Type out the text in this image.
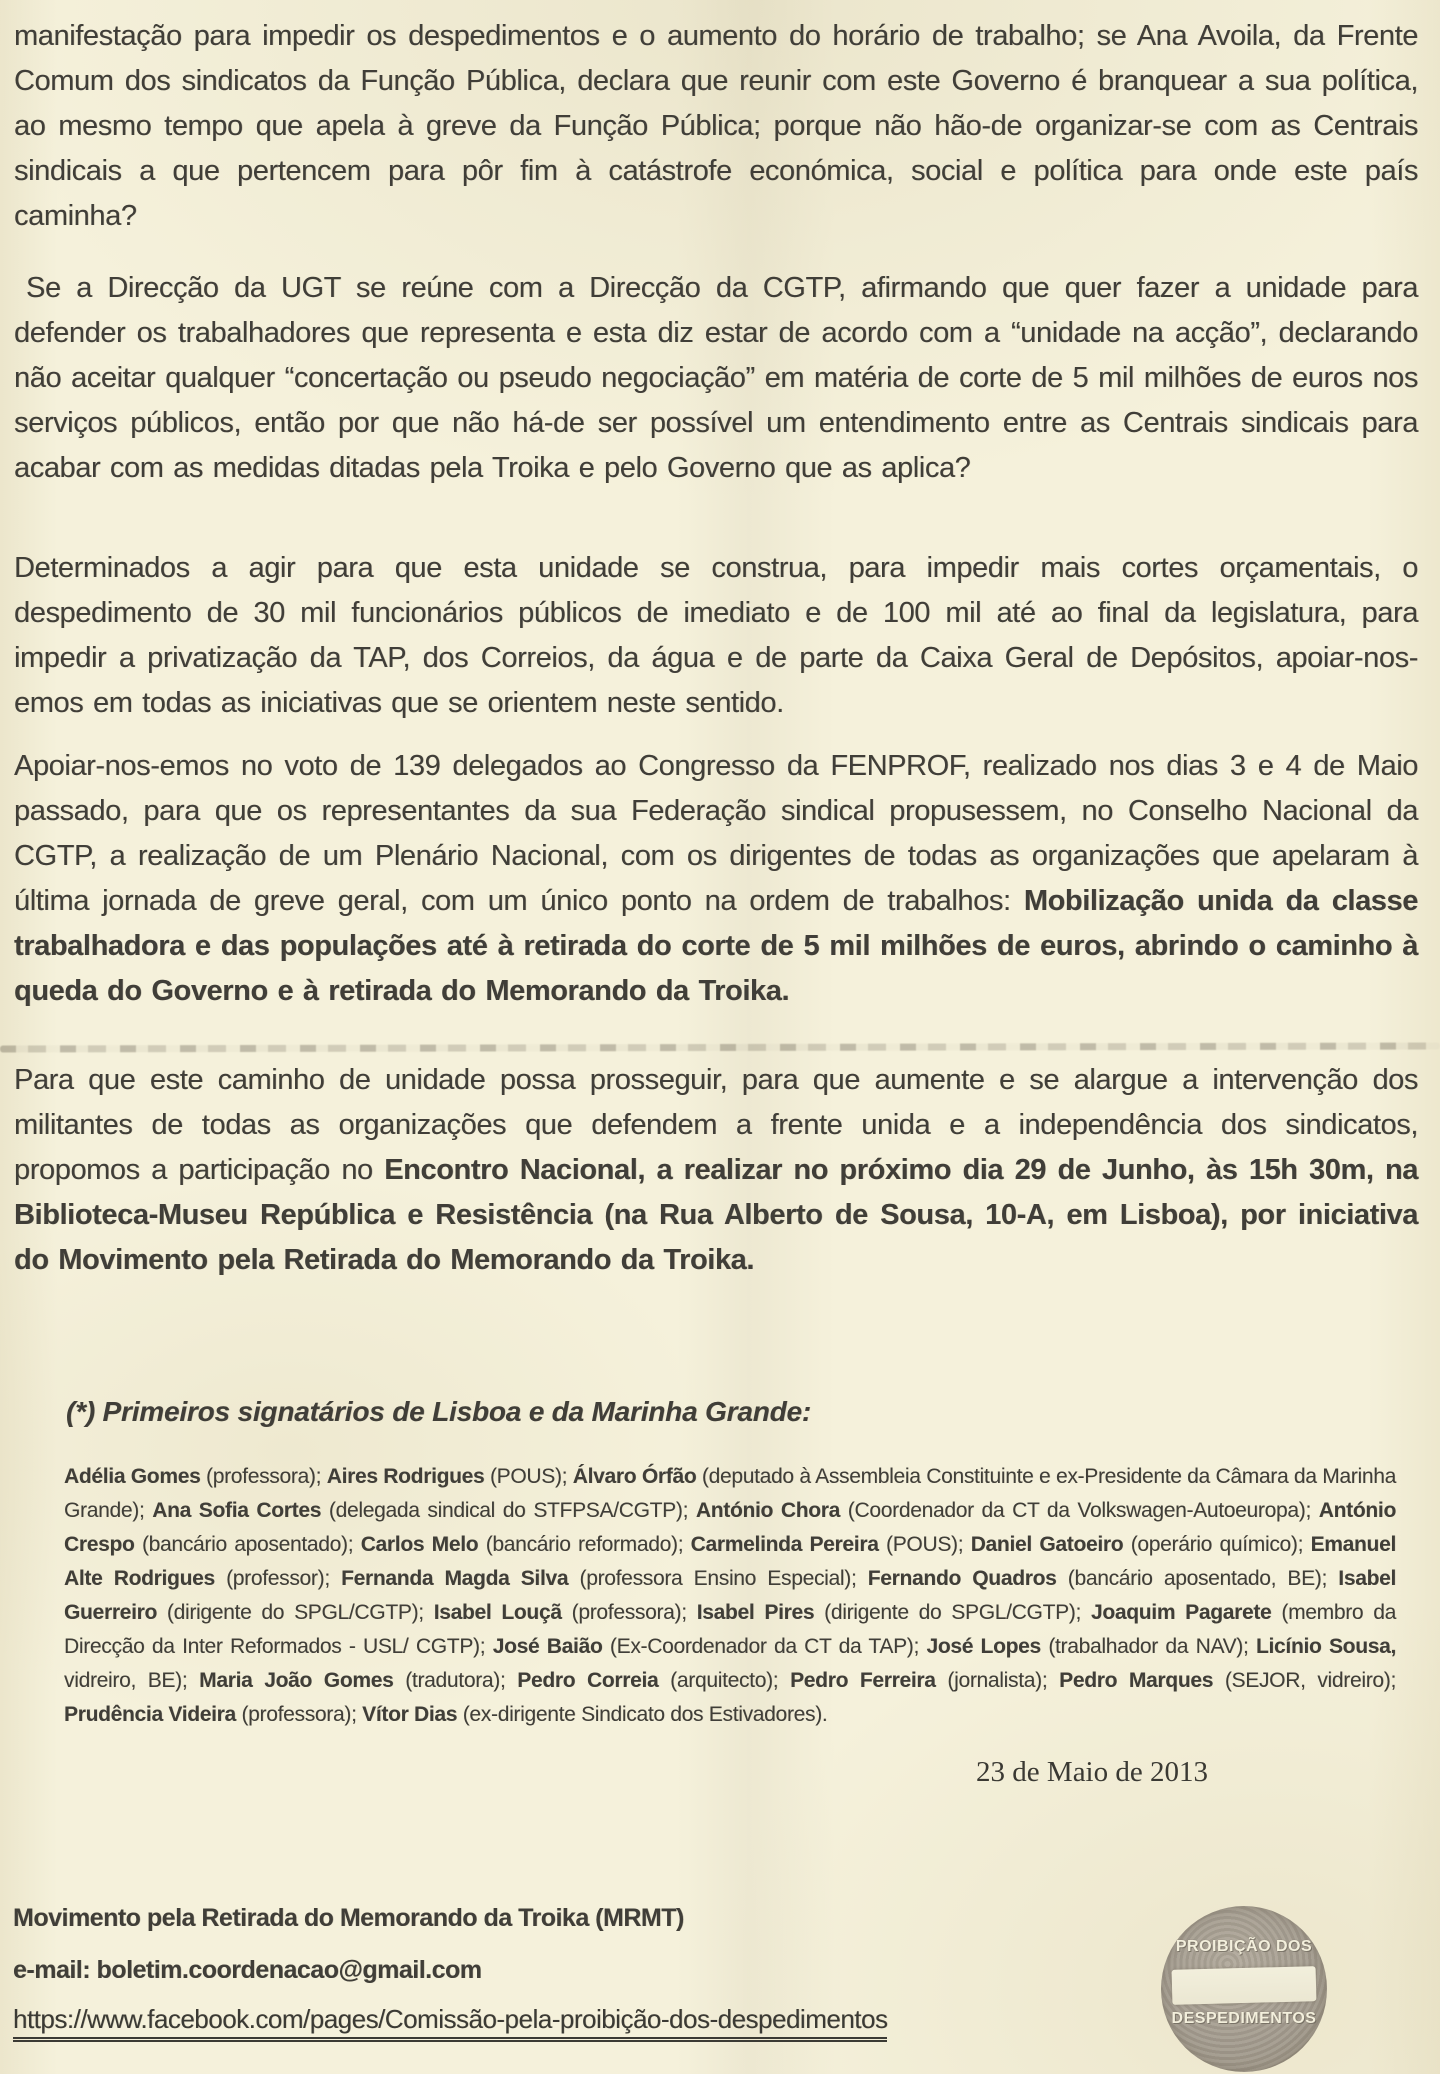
manifestação para impedir os despedimentos e o aumento do horário de trabalho; se Ana Avoila, da Frente Comum dos sindicatos da Função Pública, declara que reunir com este Governo é branquear a sua política, ao mesmo tempo que apela à greve da Função Pública; porque não hão-de organizar-se com as Centrais sindicais a que pertencem para pôr fim à catástrofe económica, social e política para onde este país caminha?

Se a Direcção da UGT se reúne com a Direcção da CGTP, afirmando que quer fazer a unidade para defender os trabalhadores que representa e esta diz estar de acordo com a “unidade na acção”, declarando não aceitar qualquer “concertação ou pseudo negociação” em matéria de corte de 5 mil milhões de euros nos serviços públicos, então por que não há-de ser possível um entendimento entre as Centrais sindicais para acabar com as medidas ditadas pela Troika e pelo Governo que as aplica?

Determinados a agir para que esta unidade se construa, para impedir mais cortes orçamentais, o despedimento de 30 mil funcionários públicos de imediato e de 100 mil até ao final da legislatura, para impedir a privatização da TAP, dos Correios, da água e de parte da Caixa Geral de Depósitos, apoiar-nos-emos em todas as iniciativas que se orientem neste sentido.

Apoiar-nos-emos no voto de 139 delegados ao Congresso da FENPROF, realizado nos dias 3 e 4 de Maio passado, para que os representantes da sua Federação sindical propusessem, no Conselho Nacional da CGTP, a realização de um Plenário Nacional, com os dirigentes de todas as organizações que apelaram à última jornada de greve geral, com um único ponto na ordem de trabalhos: Mobilização unida da classe trabalhadora e das populações até à retirada do corte de 5 mil milhões de euros, abrindo o caminho à queda do Governo e à retirada do Memorando da Troika.

Para que este caminho de unidade possa prosseguir, para que aumente e se alargue a intervenção dos militantes de todas as organizações que defendem a frente unida e a independência dos sindicatos, propomos a participação no Encontro Nacional, a realizar no próximo dia 29 de Junho, às 15h 30m, na Biblioteca-Museu República e Resistência (na Rua Alberto de Sousa, 10-A, em Lisboa), por iniciativa do Movimento pela Retirada do Memorando da Troika.

(*) Primeiros signatários de Lisboa e da Marinha Grande:
Adélia Gomes (professora); Aires Rodrigues (POUS); Álvaro Órfão (deputado à Assembleia Constituinte e ex-Presidente da Câmara da Marinha Grande); Ana Sofia Cortes (delegada sindical do STFPSA/CGTP); António Chora (Coordenador da CT da Volkswagen-Autoeuropa); António Crespo (bancário aposentado); Carlos Melo (bancário reformado); Carmelinda Pereira (POUS); Daniel Gatoeiro (operário químico); Emanuel Alte Rodrigues (professor); Fernanda Magda Silva (professora Ensino Especial); Fernando Quadros (bancário aposentado, BE); Isabel Guerreiro (dirigente do SPGL/CGTP); Isabel Louçã (professora); Isabel Pires (dirigente do SPGL/CGTP); Joaquim Pagarete (membro da Direcção da Inter Reformados - USL/ CGTP); José Baião (Ex-Coordenador da CT da TAP); José Lopes (trabalhador da NAV); Licínio Sousa, vidreiro, BE); Maria João Gomes (tradutora); Pedro Correia (arquitecto); Pedro Ferreira (jornalista); Pedro Marques (SEJOR, vidreiro); Prudência Videira (professora); Vítor Dias (ex-dirigente Sindicato dos Estivadores).
23 de Maio de 2013
Movimento pela Retirada do Memorando da Troika (MRMT)
e-mail: boletim.coordenacao@gmail.com
https://www.facebook.com/pages/Comissão-pela-proibição-dos-despedimentos
PROIBIÇÃO DOS
DESPEDIMENTOS
